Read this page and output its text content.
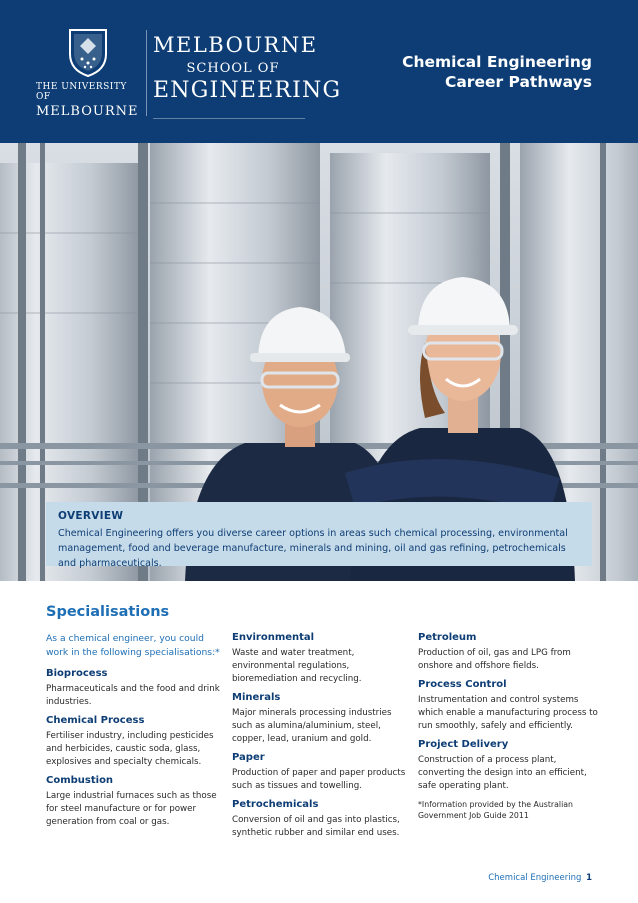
THE UNIVERSITY OF
MELBOURNE
MELBOURNE
SCHOOL OF
ENGINEERING
Chemical Engineering
Career Pathways
OVERVIEW
Chemical Engineering offers you diverse career options in areas such chemical processing, environmental management, food and beverage manufacture, minerals and mining, oil and gas refining, petrochemicals and pharmaceuticals.
Specialisations
As a chemical engineer, you could work in the following specialisations:*
Bioprocess

Pharmaceuticals and the food and drink industries.

Chemical Process

Fertiliser industry, including pesticides and herbicides, caustic soda, glass, explosives and specialty chemicals.

Combustion

Large industrial furnaces such as those for steel manufacture or for power generation from coal or gas.

Environmental

Waste and water treatment, environmental regulations, bioremediation and recycling.

Minerals

Major minerals processing industries such as alumina/aluminium, steel, copper, lead, uranium and gold.

Paper

Production of paper and paper products such as tissues and towelling.

Petrochemicals

Conversion of oil and gas into plastics, synthetic rubber and similar end uses.

Petroleum

Production of oil, gas and LPG from onshore and offshore fields.

Process Control

Instrumentation and control systems which enable a manufacturing process to run smoothly, safely and efficiently.

Project Delivery

Construction of a process plant, converting the design into an efficient, safe operating plant.

*Information provided by the Australian Government Job Guide 2011
Chemical Engineering 1
